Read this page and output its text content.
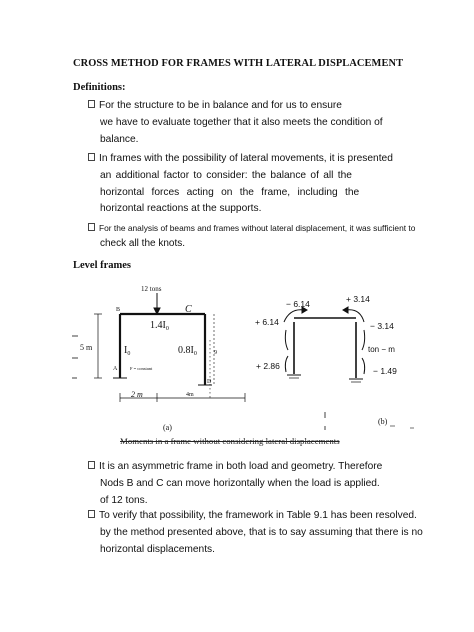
CROSS METHOD FOR FRAMES WITH LATERAL DISPLACEMENT
Definitions:
For the structure to be in balance and for us to ensure
we have to evaluate together that it also meets the condition of
balance.
In frames with the possibility of lateral movements, it is presented
an additional factor to consider: the balance of all the
horizontal forces acting on the frame, including the
horizontal reactions at the supports.
For the analysis of beams and frames without lateral displacement, it was sufficient to
check all the knots.
Level frames
12 tons
B	C
A
D
$1.4I_0$
$I_0$	$0.8I_0$
5 m
9
F = constant
2 m	4m
(a)
− 6.14	+ 3.14
+ 6.14	− 3.14
ton − m
+ 2.86	− 1.49
(b)
Moments in a frame without considering lateral displacements
It is an asymmetric frame in both load and geometry. Therefore
Nods B and C can move horizontally when the load is applied.
of 12 tons.
To verify that possibility, the framework in Table 9.1 has been resolved.
by the method presented above, that is to say assuming that there is no
horizontal displacements.
